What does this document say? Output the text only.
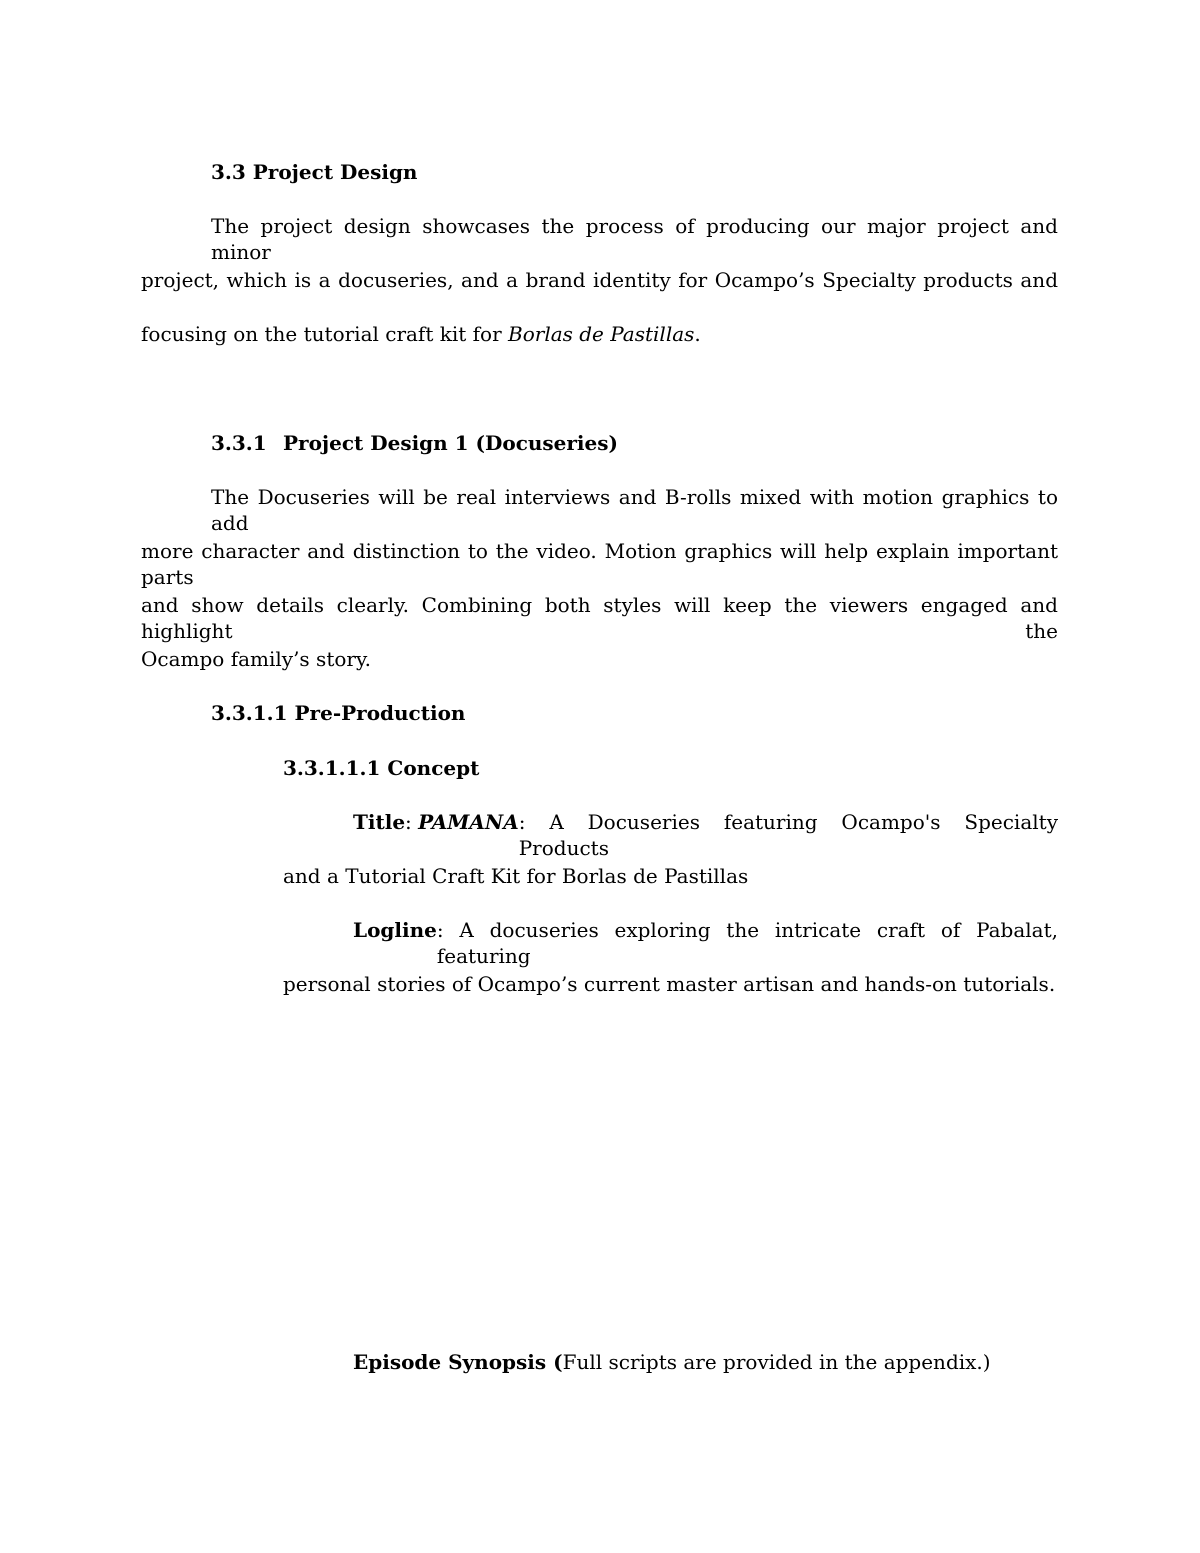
3.3 Project Design
The project design showcases the process of producing our major project and minor
project, which is a docuseries, and a brand identity for Ocampo’s Specialty products and
focusing on the tutorial craft kit for Borlas de Pastillas.
3.3.1 Project Design 1 (Docuseries)
The Docuseries will be real interviews and B-rolls mixed with motion graphics to add
more character and distinction to the video. Motion graphics will help explain important parts
and show details clearly. Combining both styles will keep the viewers engaged and highlight the
Ocampo family’s story.
3.3.1.1 Pre-Production
3.3.1.1.1 Concept
Title: PAMANA : A Docuseries featuring Ocampo's Specialty Products
and a Tutorial Craft Kit for Borlas de Pastillas
Logline : A docuseries exploring the intricate craft of Pabalat, featuring
personal stories of Ocampo’s current master artisan and hands-on tutorials.
Episode Synopsis (Full scripts are provided in the appendix.)
